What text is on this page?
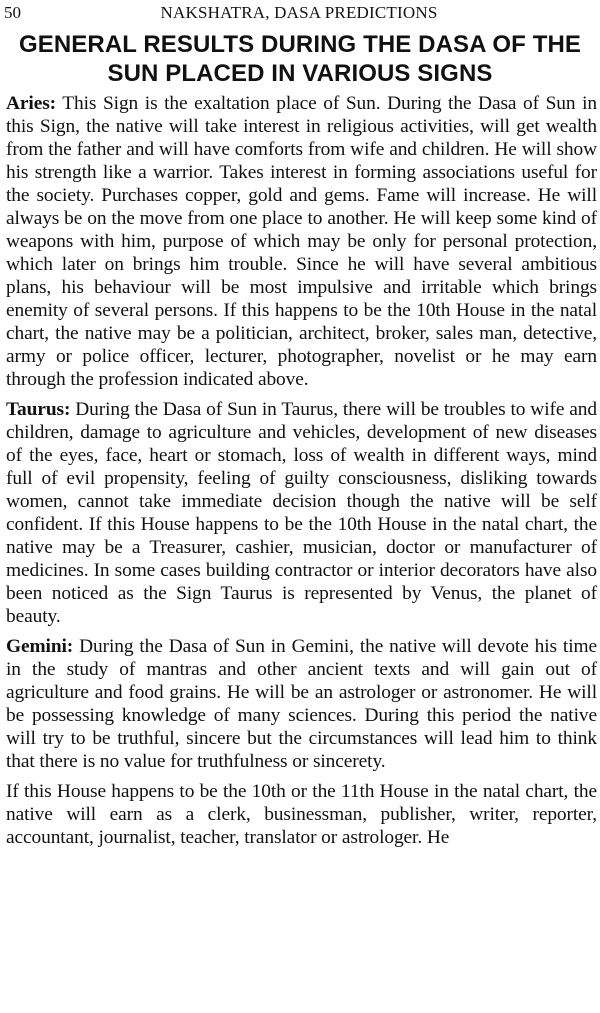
50	NAKSHATRA, DASA PREDICTIONS
GENERAL RESULTS DURING THE DASA OF THE
SUN PLACED IN VARIOUS SIGNS

Aries: This Sign is the exaltation place of Sun. During the Dasa of Sun in this Sign, the native will take interest in religious activities, will get wealth from the father and will have comforts from wife and children. He will show his strength like a warrior. Takes interest in forming associations useful for the society. Purchases copper, gold and gems. Fame will increase. He will always be on the move from one place to another. He will keep some kind of weapons with him, purpose of which may be only for personal protection, which later on brings him trouble. Since he will have several ambitious plans, his behaviour will be most impulsive and irritable which brings enemity of several persons. If this happens to be the 10th House in the natal chart, the native may be a politician, architect, broker, sales man, detective, army or police officer, lecturer, photographer, novelist or he may earn through the profession indicated above.

Taurus: During the Dasa of Sun in Taurus, there will be troubles to wife and children, damage to agriculture and vehicles, development of new diseases of the eyes, face, heart or stomach, loss of wealth in different ways, mind full of evil propensity, feeling of guilty consciousness, disliking towards women, cannot take immediate decision though the native will be self confident. If this House happens to be the 10th House in the natal chart, the native may be a Treasurer, cashier, musician, doctor or manufacturer of medicines. In some cases building contractor or interior decorators have also been noticed as the Sign Taurus is represented by Venus, the planet of beauty.

Gemini: During the Dasa of Sun in Gemini, the native will devote his time in the study of mantras and other ancient texts and will gain out of agriculture and food grains. He will be an astrologer or astronomer. He will be possessing knowledge of many sciences. During this period the native will try to be truthful, sincere but the circumstances will lead him to think that there is no value for truthfulness or sincerety.

If this House happens to be the 10th or the 11th House in the natal chart, the native will earn as a clerk, businessman, publisher, writer, reporter, accountant, journalist, teacher, translator or astrologer. He
